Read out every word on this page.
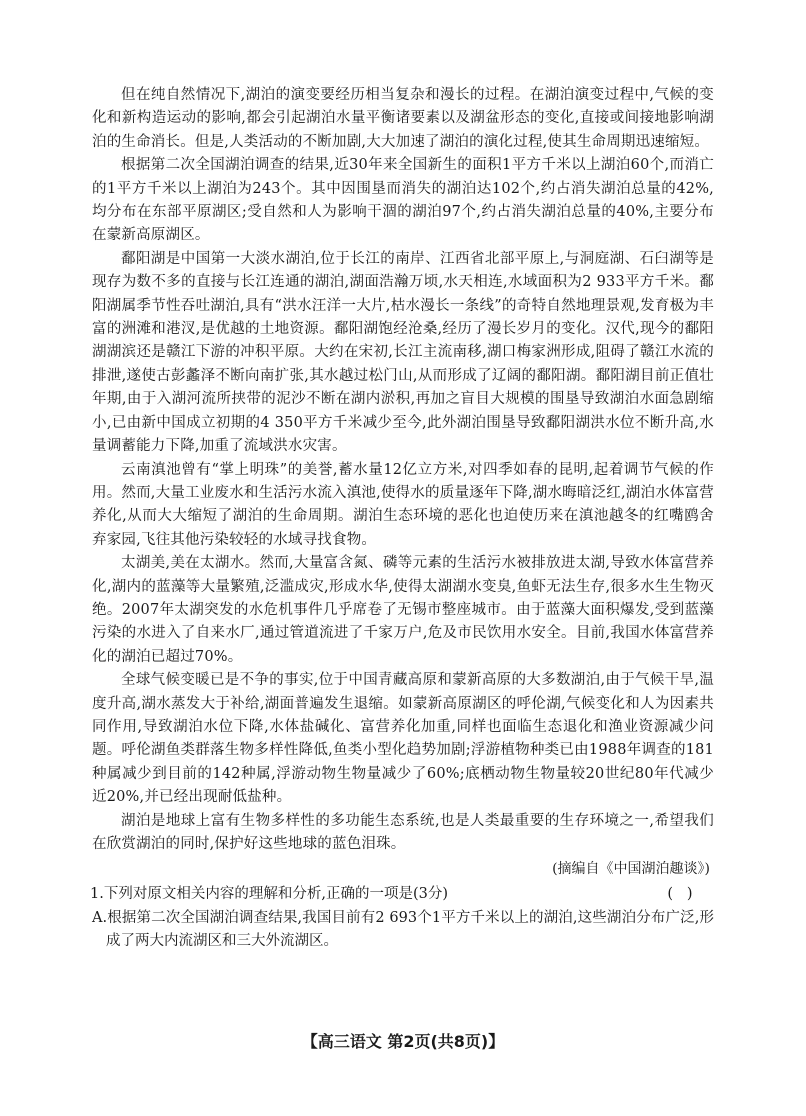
但在纯自然情况下,湖泊的演变要经历相当复杂和漫长的过程。在湖泊演变过程中,气候的变化和新构造运动的影响,都会引起湖泊水量平衡诸要素以及湖盆形态的变化,直接或间接地影响湖泊的生命消长。但是,人类活动的不断加剧,大大加速了湖泊的演化过程,使其生命周期迅速缩短。

根据第二次全国湖泊调查的结果,近30年来全国新生的面积1平方千米以上湖泊60个,而消亡的1平方千米以上湖泊为243个。其中因围垦而消失的湖泊达102个,约占消失湖泊总量的42%,均分布在东部平原湖区;受自然和人为影响干涸的湖泊97个,约占消失湖泊总量的40%,主要分布在蒙新高原湖区。

鄱阳湖是中国第一大淡水湖泊,位于长江的南岸、江西省北部平原上,与洞庭湖、石臼湖等是现存为数不多的直接与长江连通的湖泊,湖面浩瀚万顷,水天相连,水域面积为2 933平方千米。鄱阳湖属季节性吞吐湖泊,具有“洪水汪洋一大片,枯水漫长一条线”的奇特自然地理景观,发育极为丰富的洲滩和港汊,是优越的土地资源。鄱阳湖饱经沧桑,经历了漫长岁月的变化。汉代,现今的鄱阳湖湖滨还是赣江下游的冲积平原。大约在宋初,长江主流南移,湖口梅家洲形成,阻碍了赣江水流的排泄,遂使古彭蠡泽不断向南扩张,其水越过松门山,从而形成了辽阔的鄱阳湖。鄱阳湖目前正值壮年期,由于入湖河流所挟带的泥沙不断在湖内淤积,再加之盲目大规模的围垦导致湖泊水面急剧缩小,已由新中国成立初期的4 350平方千米减少至今,此外湖泊围垦导致鄱阳湖洪水位不断升高,水量调蓄能力下降,加重了流域洪水灾害。

云南滇池曾有“掌上明珠”的美誉,蓄水量12亿立方米,对四季如春的昆明,起着调节气候的作用。然而,大量工业废水和生活污水流入滇池,使得水的质量逐年下降,湖水晦暗泛红,湖泊水体富营养化,从而大大缩短了湖泊的生命周期。湖泊生态环境的恶化也迫使历来在滇池越冬的红嘴鸥舍弃家园,飞往其他污染较轻的水域寻找食物。

太湖美,美在太湖水。然而,大量富含氮、磷等元素的生活污水被排放进太湖,导致水体富营养化,湖内的蓝藻等大量繁殖,泛滥成灾,形成水华,使得太湖湖水变臭,鱼虾无法生存,很多水生生物灭绝。2007年太湖突发的水危机事件几乎席卷了无锡市整座城市。由于蓝藻大面积爆发,受到蓝藻污染的水进入了自来水厂,通过管道流进了千家万户,危及市民饮用水安全。目前,我国水体富营养化的湖泊已超过70%。

全球气候变暖已是不争的事实,位于中国青藏高原和蒙新高原的大多数湖泊,由于气候干旱,温度升高,湖水蒸发大于补给,湖面普遍发生退缩。如蒙新高原湖区的呼伦湖,气候变化和人为因素共同作用,导致湖泊水位下降,水体盐碱化、富营养化加重,同样也面临生态退化和渔业资源减少问题。呼伦湖鱼类群落生物多样性降低,鱼类小型化趋势加剧;浮游植物种类已由1988年调查的181种属减少到目前的142种属,浮游动物生物量减少了60%;底栖动物生物量较20世纪80年代减少近20%,并已经出现耐低盐种。

湖泊是地球上富有生物多样性的多功能生态系统,也是人类最重要的生存环境之一,希望我们在欣赏湖泊的同时,保护好这些地球的蓝色泪珠。

(摘编自《中国湖泊趣谈》)

1.下列对原文相关内容的理解和分析,正确的一项是(3分)	(   )

A.根据第二次全国湖泊调查结果,我国目前有2 693个1平方千米以上的湖泊,这些湖泊分布广泛,形成了两大内流湖区和三大外流湖区。

【高三语文 第2页(共8页)】
